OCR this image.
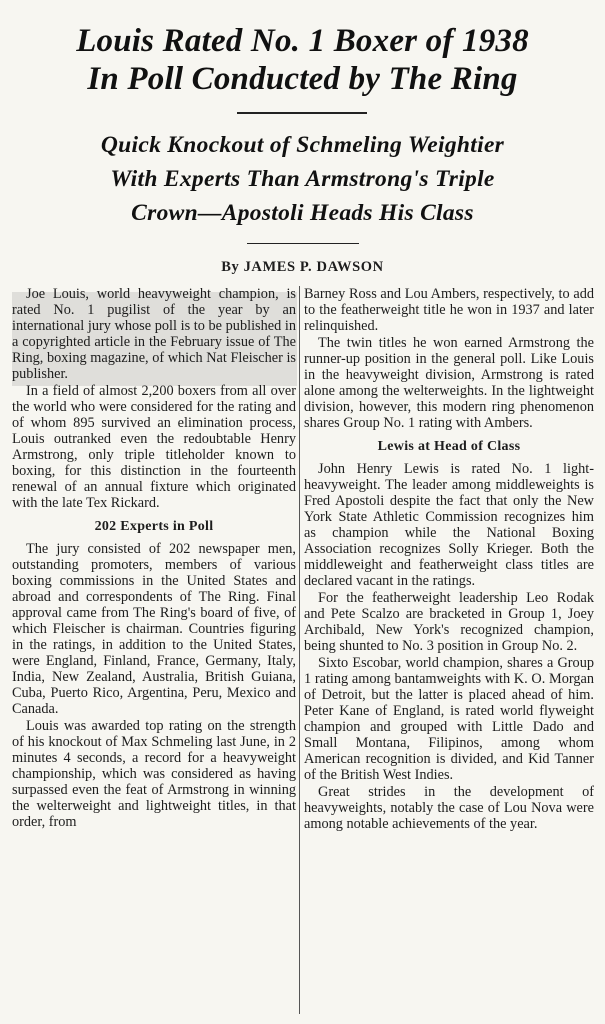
Louis Rated No. 1 Boxer of 1938
In Poll Conducted by The Ring
Quick Knockout of Schmeling Weightier
With Experts Than Armstrong's Triple
Crown—Apostoli Heads His Class
By JAMES P. DAWSON

Joe Louis, world heavyweight champion, is rated No. 1 pugilist of the year by an international jury whose poll is to be published in a copyrighted article in the February issue of The Ring, boxing magazine, of which Nat Fleischer is publisher.

In a field of almost 2,200 boxers from all over the world who were considered for the rating and of whom 895 survived an elimination process, Louis outranked even the redoubtable Henry Armstrong, only triple titleholder known to boxing, for this distinction in the fourteenth renewal of an annual fixture which originated with the late Tex Rickard.

202 Experts in Poll

The jury consisted of 202 newspaper men, outstanding promoters, members of various boxing commissions in the United States and abroad and correspondents of The Ring. Final approval came from The Ring's board of five, of which Fleischer is chairman. Countries figuring in the ratings, in addition to the United States, were England, Finland, France, Germany, Italy, India, New Zealand, Australia, British Guiana, Cuba, Puerto Rico, Argentina, Peru, Mexico and Canada.

Louis was awarded top rating on the strength of his knockout of Max Schmeling last June, in 2 minutes 4 seconds, a record for a heavyweight championship, which was considered as having surpassed even the feat of Armstrong in winning the welterweight and lightweight titles, in that order, from

Barney Ross and Lou Ambers, respectively, to add to the featherweight title he won in 1937 and later relinquished.

The twin titles he won earned Armstrong the runner-up position in the general poll. Like Louis in the heavyweight division, Armstrong is rated alone among the welterweights. In the lightweight division, however, this modern ring phenomenon shares Group No. 1 rating with Ambers.

Lewis at Head of Class

John Henry Lewis is rated No. 1 light-heavyweight. The leader among middleweights is Fred Apostoli despite the fact that only the New York State Athletic Commission recognizes him as champion while the National Boxing Association recognizes Solly Krieger. Both the middleweight and featherweight class titles are declared vacant in the ratings.

For the featherweight leadership Leo Rodak and Pete Scalzo are bracketed in Group 1, Joey Archibald, New York's recognized champion, being shunted to No. 3 position in Group No. 2.

Sixto Escobar, world champion, shares a Group 1 rating among bantamweights with K. O. Morgan of Detroit, but the latter is placed ahead of him. Peter Kane of England, is rated world flyweight champion and grouped with Little Dado and Small Montana, Filipinos, among whom American recognition is divided, and Kid Tanner of the British West Indies.

Great strides in the development of heavyweights, notably the case of Lou Nova were among notable achievements of the year.
